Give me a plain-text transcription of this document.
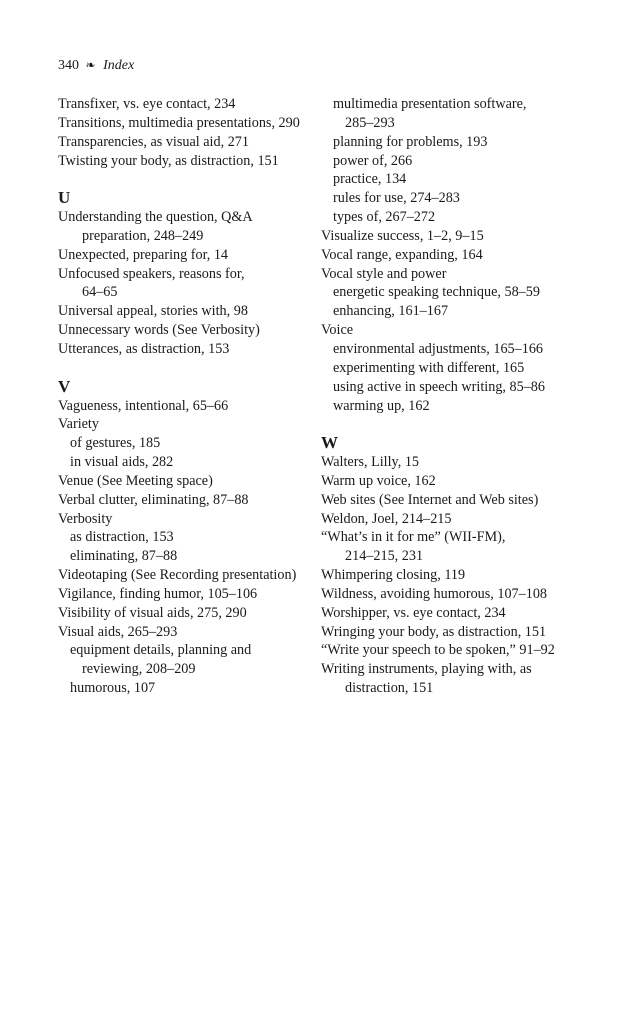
340 ❧ Index
Transfixer, vs. eye contact, 234
Transitions, multimedia presentations, 290
Transparencies, as visual aid, 271
Twisting your body, as distraction, 151
U
Understanding the question, Q&A
preparation, 248–249
Unexpected, preparing for, 14
Unfocused speakers, reasons for,
64–65
Universal appeal, stories with, 98
Unnecessary words (See Verbosity)
Utterances, as distraction, 153
V
Vagueness, intentional, 65–66
Variety
of gestures, 185
in visual aids, 282
Venue (See Meeting space)
Verbal clutter, eliminating, 87–88
Verbosity
as distraction, 153
eliminating, 87–88
Videotaping (See Recording presentation)
Vigilance, finding humor, 105–106
Visibility of visual aids, 275, 290
Visual aids, 265–293
equipment details, planning and
reviewing, 208–209
humorous, 107
multimedia presentation software,
285–293
planning for problems, 193
power of, 266
practice, 134
rules for use, 274–283
types of, 267–272
Visualize success, 1–2, 9–15
Vocal range, expanding, 164
Vocal style and power
energetic speaking technique, 58–59
enhancing, 161–167
Voice
environmental adjustments, 165–166
experimenting with different, 165
using active in speech writing, 85–86
warming up, 162
W
Walters, Lilly, 15
Warm up voice, 162
Web sites (See Internet and Web sites)
Weldon, Joel, 214–215
“What’s in it for me” (WII-FM),
214–215, 231
Whimpering closing, 119
Wildness, avoiding humorous, 107–108
Worshipper, vs. eye contact, 234
Wringing your body, as distraction, 151
“Write your speech to be spoken,” 91–92
Writing instruments, playing with, as
distraction, 151
